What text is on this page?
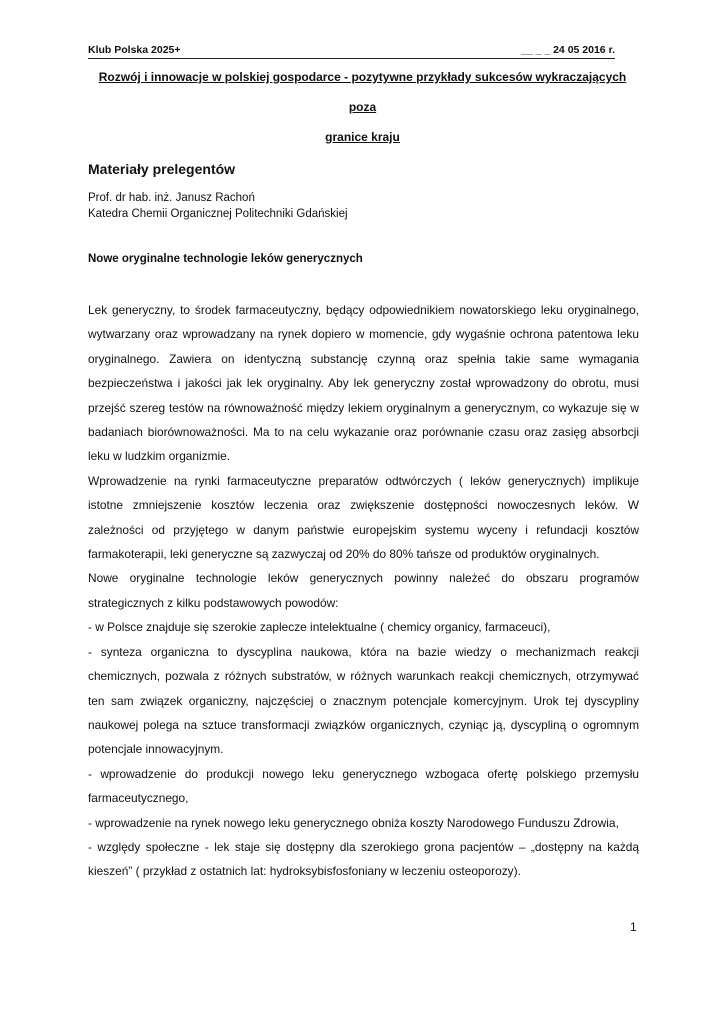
Klub Polska 2025+	__ _ _ 24 05 2016 r.
Rozwój i innowacje w polskiej gospodarce - pozytywne przykłady sukcesów wykraczających poza
granice kraju
Materiały prelegentów
Prof. dr hab. inż. Janusz Rachoń
Katedra Chemii Organicznej Politechniki Gdańskiej
Nowe oryginalne technologie leków generycznych

Lek generyczny, to środek farmaceutyczny, będący odpowiednikiem nowatorskiego leku oryginalnego, wytwarzany oraz wprowadzany na rynek dopiero w momencie, gdy wygaśnie ochrona patentowa leku oryginalnego. Zawiera on identyczną substancję czynną oraz spełnia takie same wymagania bezpieczeństwa i jakości jak lek oryginalny. Aby lek generyczny został wprowadzony do obrotu, musi przejść szereg testów na równoważność między lekiem oryginalnym a generycznym, co wykazuje się w badaniach biorównoważności. Ma to na celu wykazanie oraz porównanie czasu oraz zasięg absorbcji leku w ludzkim organizmie.

Wprowadzenie na rynki farmaceutyczne preparatów odtwórczych ( leków generycznych) implikuje istotne zmniejszenie kosztów leczenia oraz zwiększenie dostępności nowoczesnych leków. W zależności od przyjętego w danym państwie europejskim systemu wyceny i refundacji kosztów farmakoterapii, leki generyczne są zazwyczaj od 20% do 80% tańsze od produktów oryginalnych.

Nowe oryginalne technologie leków generycznych powinny należeć do obszaru programów strategicznych z kilku podstawowych powodów:

- w Polsce znajduje się szerokie zaplecze intelektualne ( chemicy organicy, farmaceuci),

- synteza organiczna to dyscyplina naukowa, która na bazie wiedzy o mechanizmach reakcji chemicznych, pozwala z różnych substratów, w różnych warunkach reakcji chemicznych, otrzymywać ten sam związek organiczny, najczęściej o znacznym potencjale komercyjnym. Urok tej dyscypliny naukowej polega na sztuce transformacji związków organicznych, czyniąc ją, dyscypliną o ogromnym potencjale innowacyjnym.

- wprowadzenie do produkcji nowego leku generycznego wzbogaca ofertę polskiego przemysłu farmaceutycznego,

- wprowadzenie na rynek nowego leku generycznego obniża koszty Narodowego Funduszu Zdrowia,

- względy społeczne - lek staje się dostępny dla szerokiego grona pacjentów – „dostępny na każdą kieszeń” ( przykład z ostatnich lat: hydroksybisfosfoniany w leczeniu osteoporozy).

1
